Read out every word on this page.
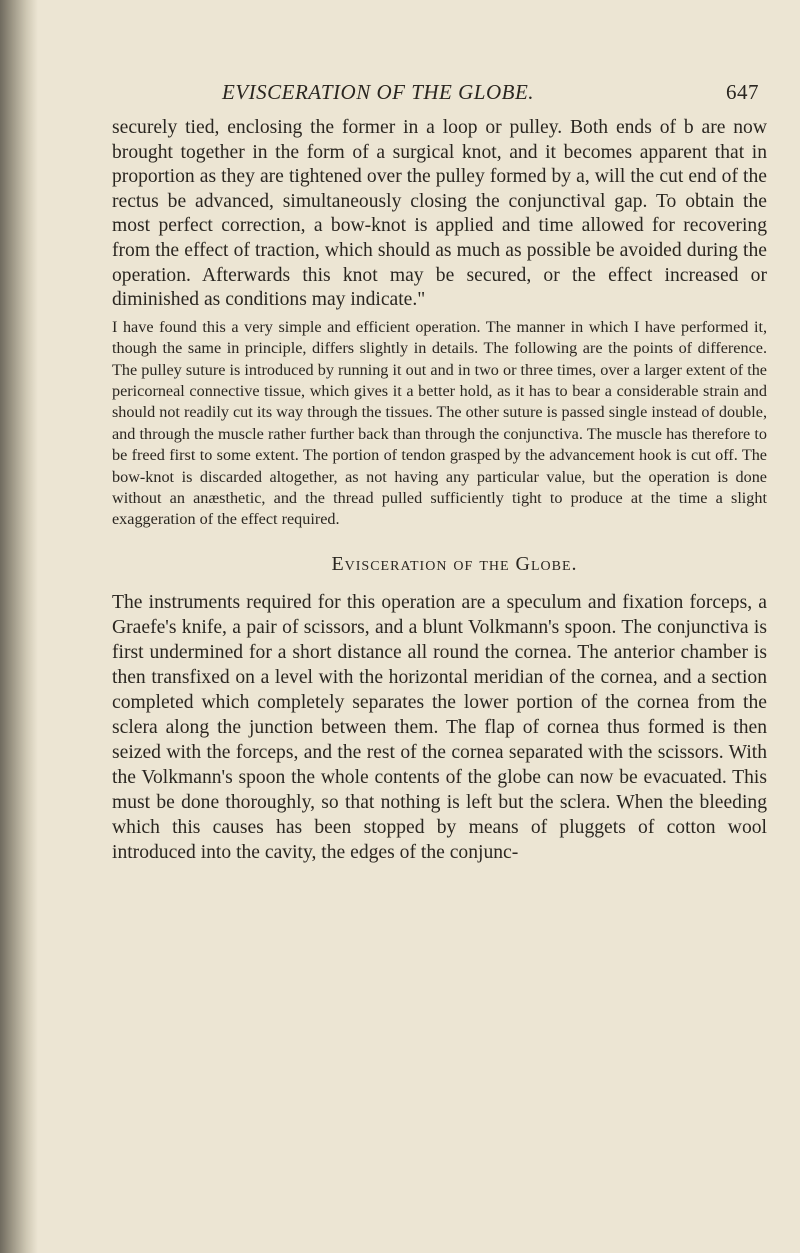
EVISCERATION OF THE GLOBE.	647

securely tied, enclosing the former in a loop or pulley. Both ends of b are now brought together in the form of a surgical knot, and it becomes apparent that in proportion as they are tightened over the pulley formed by a, will the cut end of the rectus be advanced, simultaneously closing the conjunctival gap. To obtain the most perfect correction, a bow-knot is applied and time allowed for recovering from the effect of traction, which should as much as possible be avoided during the operation. Afterwards this knot may be secured, or the effect increased or diminished as conditions may indicate."

I have found this a very simple and efficient operation. The manner in which I have performed it, though the same in principle, differs slightly in details. The following are the points of difference. The pulley suture is introduced by running it out and in two or three times, over a larger extent of the pericorneal connective tissue, which gives it a better hold, as it has to bear a considerable strain and should not readily cut its way through the tissues. The other suture is passed single instead of double, and through the muscle rather further back than through the conjunctiva. The muscle has therefore to be freed first to some extent. The portion of tendon grasped by the advancement hook is cut off. The bow-knot is discarded altogether, as not having any particular value, but the operation is done without an anæsthetic, and the thread pulled sufficiently tight to produce at the time a slight exaggeration of the effect required.

Evisceration of the Globe.

The instruments required for this operation are a speculum and fixation forceps, a Graefe's knife, a pair of scissors, and a blunt Volkmann's spoon. The conjunctiva is first undermined for a short distance all round the cornea. The anterior chamber is then transfixed on a level with the horizontal meridian of the cornea, and a section completed which completely separates the lower portion of the cornea from the sclera along the junction between them. The flap of cornea thus formed is then seized with the forceps, and the rest of the cornea separated with the scissors. With the Volkmann's spoon the whole contents of the globe can now be evacuated. This must be done thoroughly, so that nothing is left but the sclera. When the bleeding which this causes has been stopped by means of pluggets of cotton wool introduced into the cavity, the edges of the conjunc-
